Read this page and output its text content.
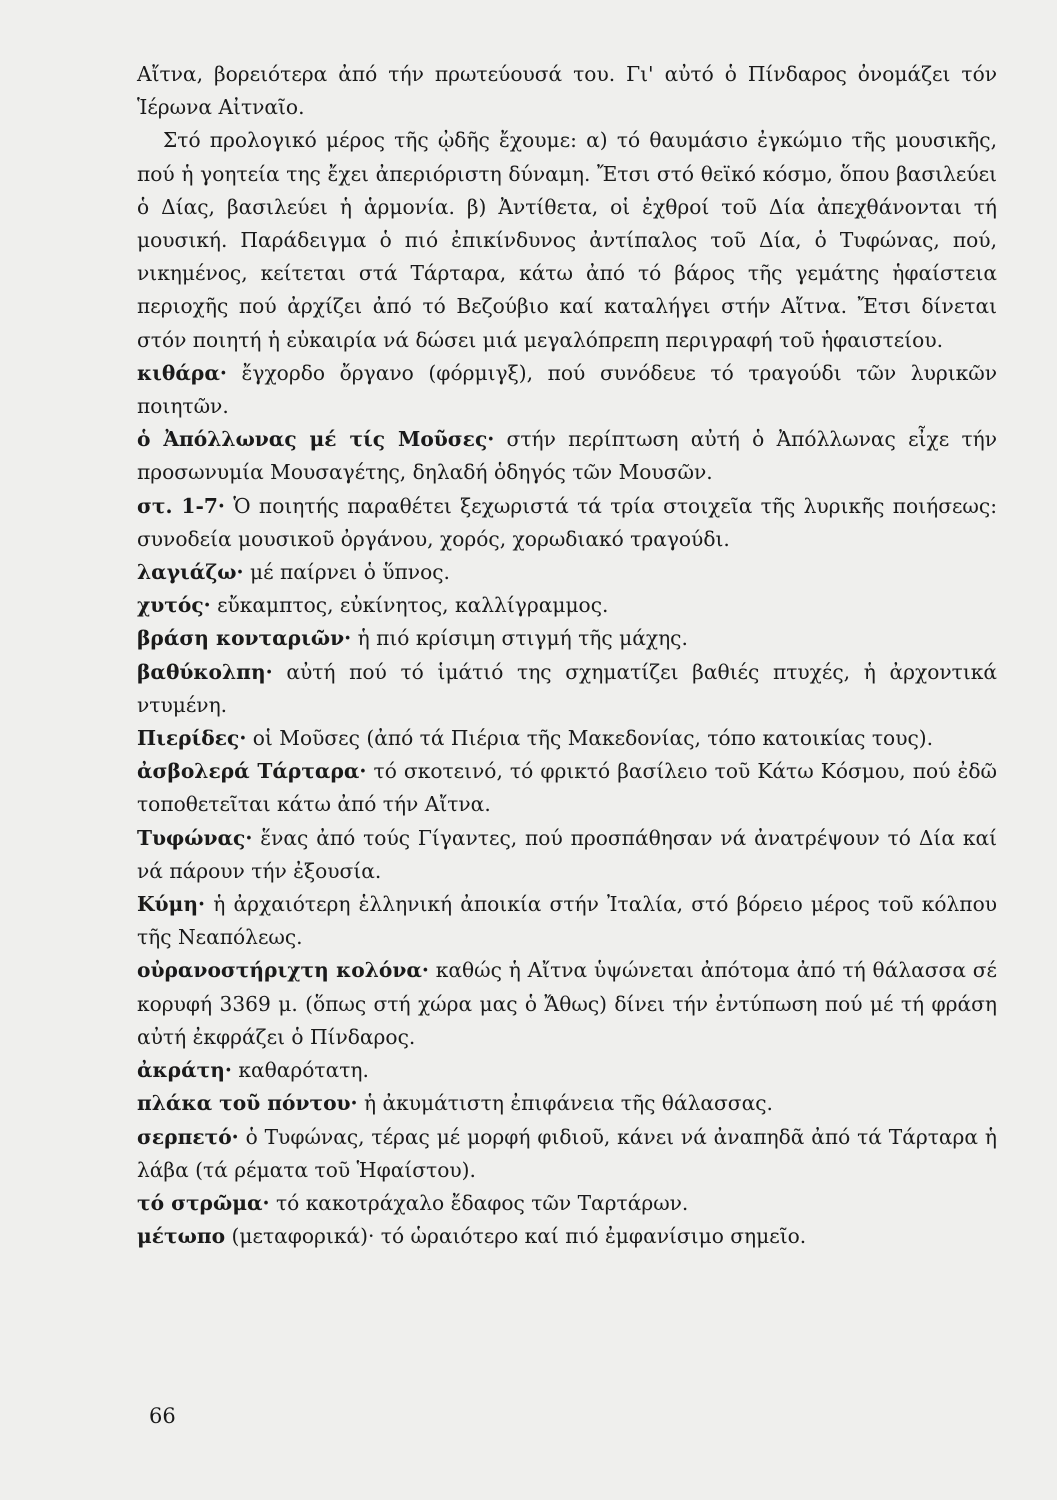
Αἴτνα, βορειότερα ἀπό τήν πρωτεύουσά του. Γι' αὐτό ὁ Πίνδαρος ὀνομάζει τόν Ἱέρωνα Αἰτναῖο.

Στό προλογικό μέρος τῆς ᾠδῆς ἔχουμε: α) τό θαυμάσιο ἐγκώμιο τῆς μουσικῆς, πού ἡ γοητεία της ἔχει ἀπεριόριστη δύναμη. Ἔτσι στό θεϊκό κόσμο, ὅπου βασιλεύει ὁ Δίας, βασιλεύει ἡ ἁρμονία. β) Ἀντίθετα, οἱ ἐχθροί τοῦ Δία ἀπεχθάνονται τή μουσική. Παράδειγμα ὁ πιό ἐπικίνδυνος ἀντίπαλος τοῦ Δία, ὁ Τυφώνας, πού, νικημένος, κείτεται στά Τάρταρα, κάτω ἀπό τό βάρος τῆς γεμάτης ἡφαίστεια περιοχῆς πού ἀρχίζει ἀπό τό Βεζούβιο καί καταλήγει στήν Αἴτνα. Ἔτσι δίνεται στόν ποιητή ἡ εὐκαιρία νά δώσει μιά μεγαλόπρεπη περιγραφή τοῦ ἡφαιστείου.

κιθάρα· ἔγχορδο ὄργανο (φόρμιγξ), πού συνόδευε τό τραγούδι τῶν λυρικῶν ποιητῶν.

ὁ Ἀπόλλωνας μέ τίς Μοῦσες· στήν περίπτωση αὐτή ὁ Ἀπόλλωνας εἶχε τήν προσωνυμία Μουσαγέτης, δηλαδή ὁδηγός τῶν Μουσῶν.

στ. 1-7· Ὁ ποιητής παραθέτει ξεχωριστά τά τρία στοιχεῖα τῆς λυρικῆς ποιήσεως: συνοδεία μουσικοῦ ὀργάνου, χορός, χορωδιακό τραγούδι.

λαγιάζω· μέ παίρνει ὁ ὕπνος.

χυτός· εὔκαμπτος, εὐκίνητος, καλλίγραμμος.

βράση κονταριῶν· ἡ πιό κρίσιμη στιγμή τῆς μάχης.

βαθύκολπη· αὐτή πού τό ἱμάτιό της σχηματίζει βαθιές πτυχές, ἡ ἀρχοντικά ντυμένη.

Πιερίδες· οἱ Μοῦσες (ἀπό τά Πιέρια τῆς Μακεδονίας, τόπο κατοικίας τους).

ἀσβολερά Τάρταρα· τό σκοτεινό, τό φρικτό βασίλειο τοῦ Κάτω Κόσμου, πού ἐδῶ τοποθετεῖται κάτω ἀπό τήν Αἴτνα.

Τυφώνας· ἕνας ἀπό τούς Γίγαντες, πού προσπάθησαν νά ἀνατρέψουν τό Δία καί νά πάρουν τήν ἐξουσία.

Κύμη· ἡ ἀρχαιότερη ἑλληνική ἀποικία στήν Ἰταλία, στό βόρειο μέρος τοῦ κόλπου τῆς Νεαπόλεως.

οὐρανοστήριχτη κολόνα· καθώς ἡ Αἴτνα ὑψώνεται ἀπότομα ἀπό τή θάλασσα σέ κορυφή 3369 μ. (ὅπως στή χώρα μας ὁ Ἄθως) δίνει τήν ἐντύπωση πού μέ τή φράση αὐτή ἐκφράζει ὁ Πίνδαρος.

ἀκράτη· καθαρότατη.

πλάκα τοῦ πόντου· ἡ ἀκυμάτιστη ἐπιφάνεια τῆς θάλασσας.

σερπετό· ὁ Τυφώνας, τέρας μέ μορφή φιδιοῦ, κάνει νά ἀναπηδᾶ ἀπό τά Τάρταρα ἡ λάβα (τά ρέματα τοῦ Ἡφαίστου).

τό στρῶμα· τό κακοτράχαλο ἔδαφος τῶν Ταρτάρων.

μέτωπο (μεταφορικά)· τό ὡραιότερο καί πιό ἐμφανίσιμο σημεῖο.

66
